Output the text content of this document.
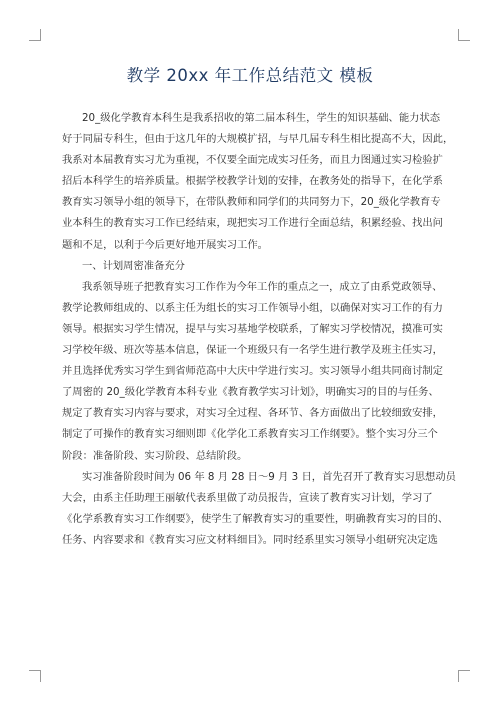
教学 20xx 年工作总结范文 模板

20_级化学教育本科生是我系招收的第二届本科生，学生的知识基础、能力状态

好于同届专科生，但由于这几年的大规模扩招，与早几届专科生相比提高不大，因此，

我系对本届教育实习尤为重视，不仅要全面完成实习任务，而且力图通过实习检验扩

招后本科学生的培养质量。根据学校教学计划的安排，在教务处的指导下，在化学系

教育实习领导小组的领导下，在带队教师和同学们的共同努力下，20_级化学教育专

业本科生的教育实习工作已经结束，现把实习工作进行全面总结，积累经验、找出问

题和不足，以利于今后更好地开展实习工作。

一、计划周密准备充分

我系领导班子把教育实习工作作为今年工作的重点之一，成立了由系党政领导、

教学论教师组成的、以系主任为组长的实习工作领导小组，以确保对实习工作的有力

领导。根据实习学生情况，提早与实习基地学校联系，了解实习学校情况，摸准可实

习学校年级、班次等基本信息，保证一个班级只有一名学生进行教学及班主任实习，

并且选择优秀实习学生到省师范高中大庆中学进行实习。实习领导小组共同商讨制定

了周密的 20_级化学教育本科专业《教育教学实习计划》，明确实习的目的与任务、

规定了教育实习内容与要求，对实习全过程、各环节、各方面做出了比较细致安排，

制定了可操作的教育实习细则即《化学化工系教育实习工作纲要》。整个实习分三个

阶段：准备阶段、实习阶段、总结阶段。

实习准备阶段时间为 06 年 8 月 28 日～9 月 3 日，首先召开了教育实习思想动员

大会，由系主任助理王丽敏代表系里做了动员报告，宣读了教育实习计划，学习了

《化学系教育实习工作纲要》，使学生了解教育实习的重要性，明确教育实习的目的、

任务、内容要求和《教育实习应文材料细目》。同时经系里实习领导小组研究决定选
